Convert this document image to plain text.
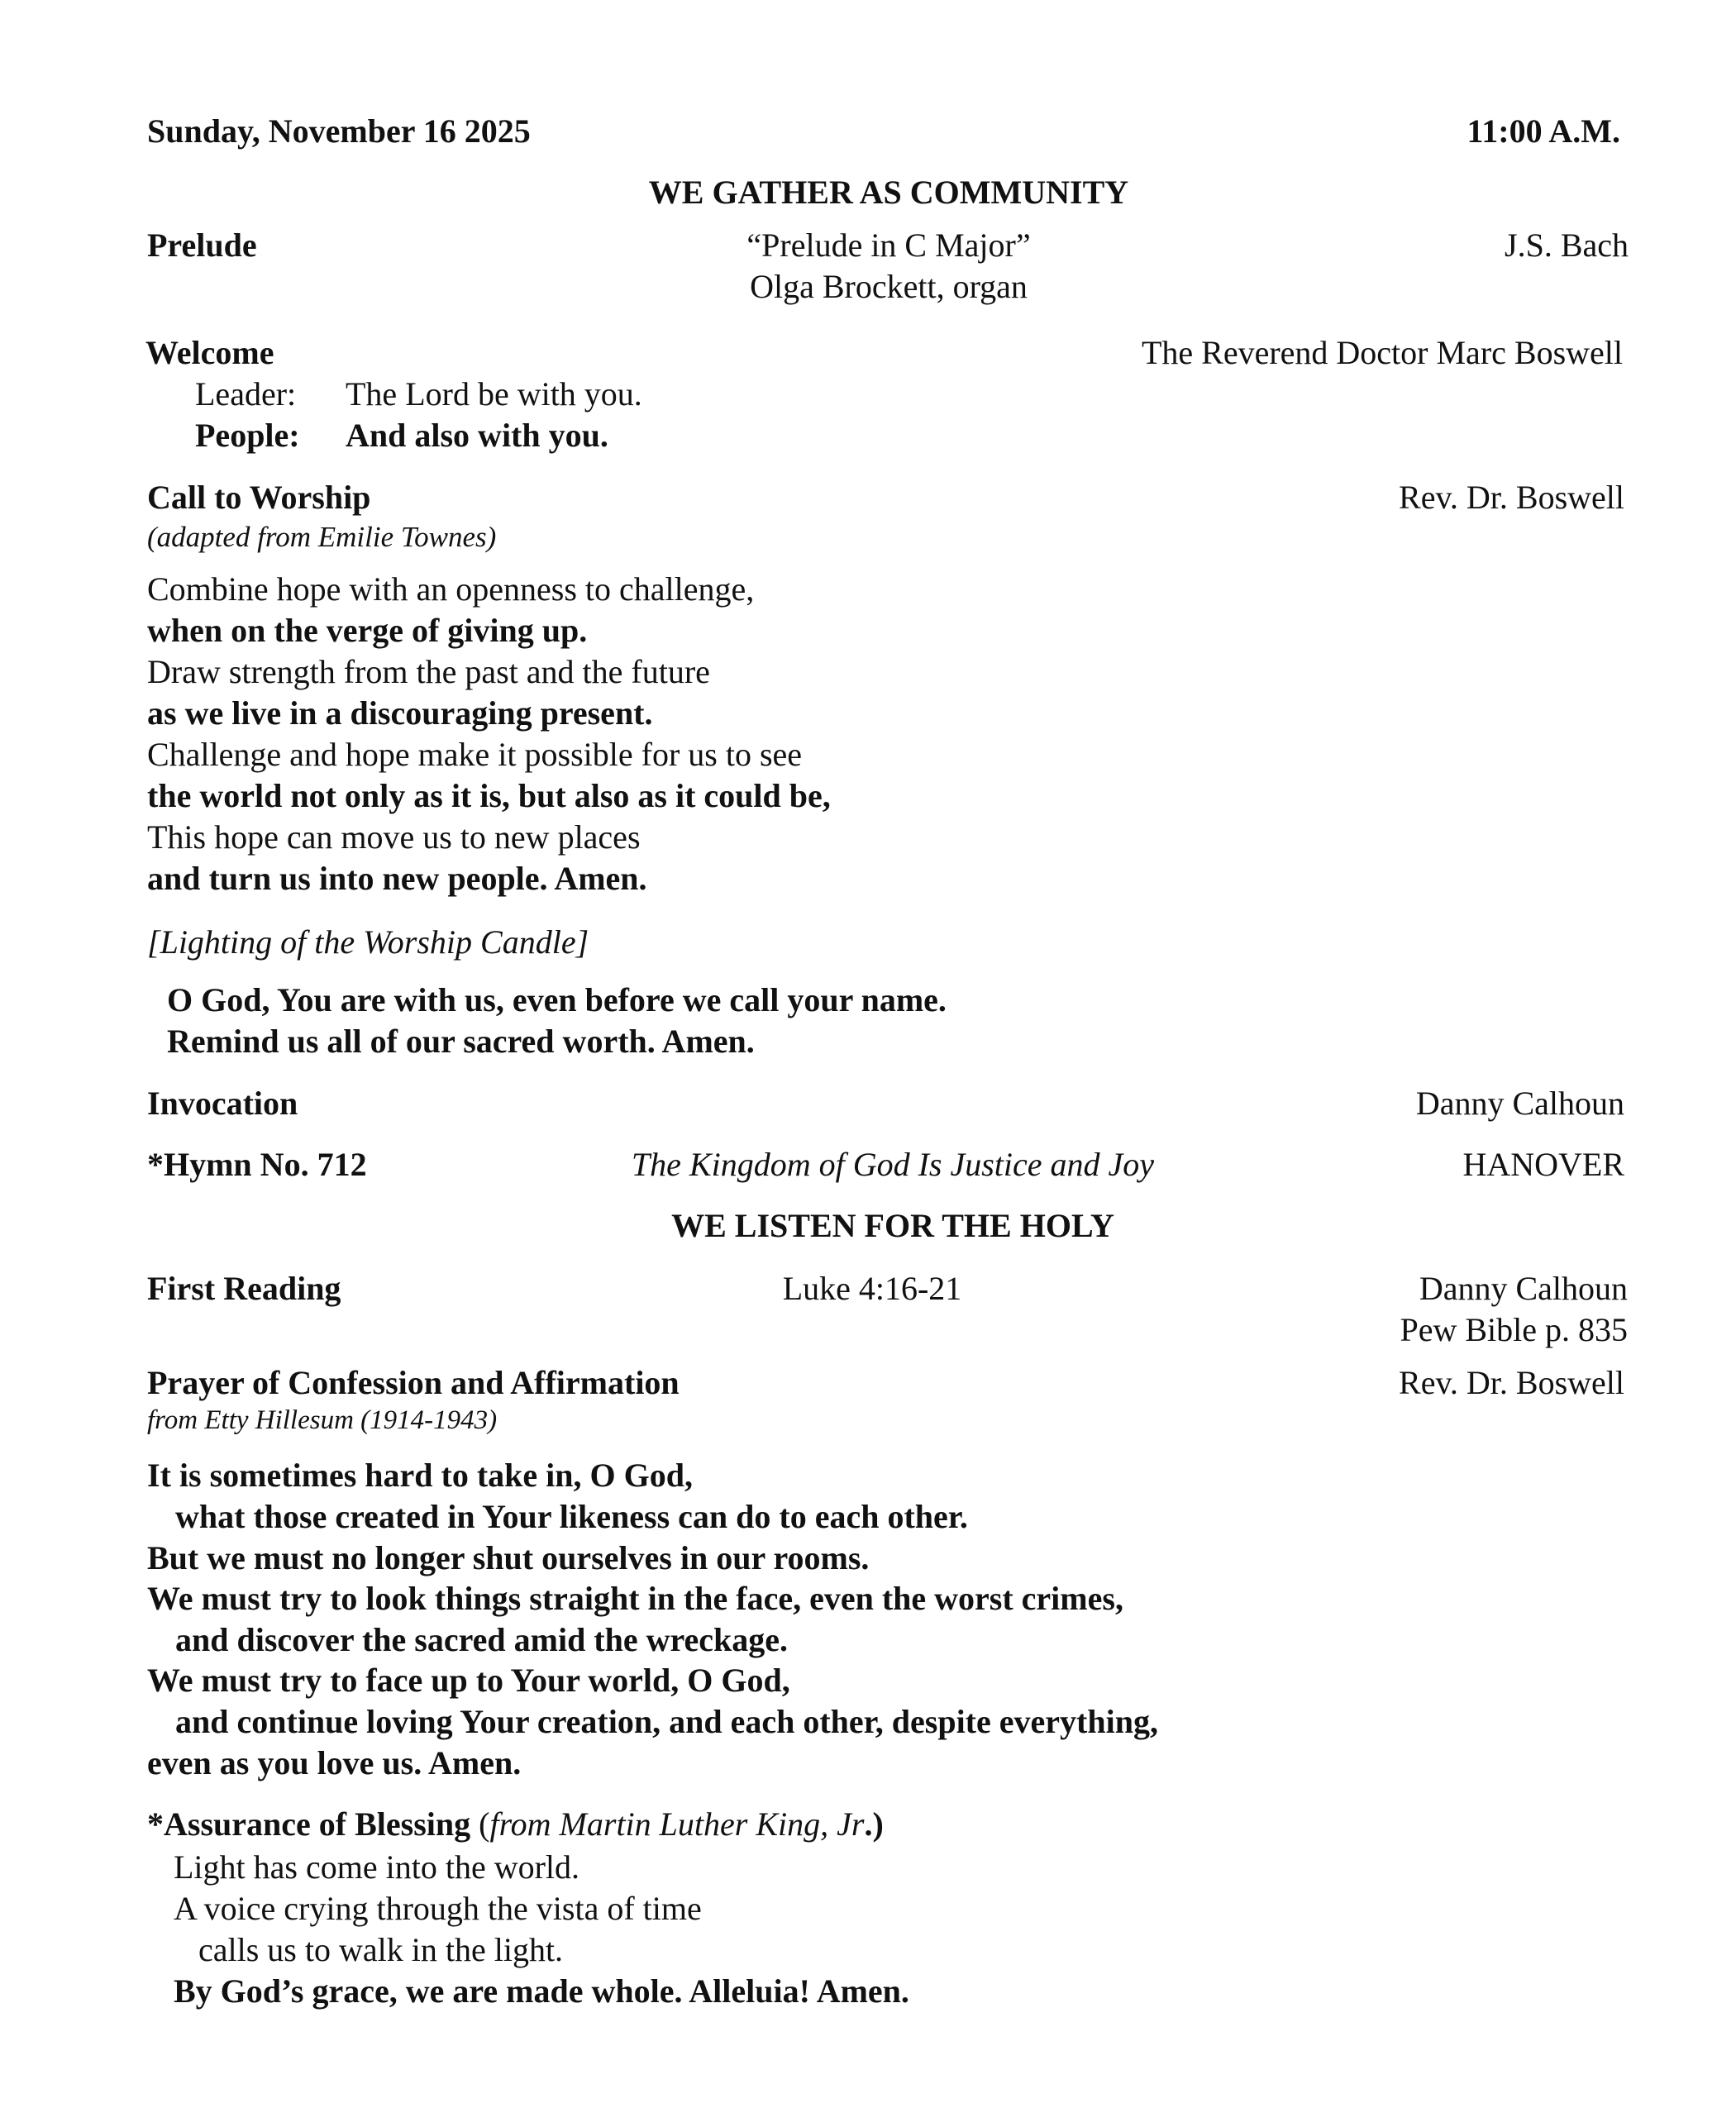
Sunday, November 16 2025	11:00 A.M.
WE GATHER AS COMMUNITY
Prelude	“Prelude in C Major”	J.S. Bach
Olga Brockett, organ
Welcome	The Reverend Doctor Marc Boswell
Leader: The Lord be with you.
People: And also with you.
Call to Worship	Rev. Dr. Boswell
(adapted from Emilie Townes)
Combine hope with an openness to challenge,
when on the verge of giving up.
Draw strength from the past and the future
as we live in a discouraging present.
Challenge and hope make it possible for us to see
the world not only as it is, but also as it could be,
This hope can move us to new places
and turn us into new people. Amen.
[Lighting of the Worship Candle]
O God, You are with us, even before we call your name.
Remind us all of our sacred worth. Amen.
Invocation	Danny Calhoun
*Hymn No. 712	The Kingdom of God Is Justice and Joy	HANOVER
WE LISTEN FOR THE HOLY
First Reading	Luke 4:16-21	Danny Calhoun
Pew Bible p. 835
Prayer of Confession and Affirmation	Rev. Dr. Boswell
from Etty Hillesum (1914-1943)
It is sometimes hard to take in, O God,
what those created in Your likeness can do to each other.
But we must no longer shut ourselves in our rooms.
We must try to look things straight in the face, even the worst crimes,
and discover the sacred amid the wreckage.
We must try to face up to Your world, O God,
and continue loving Your creation, and each other, despite everything,
even as you love us. Amen.
*Assurance of Blessing (from Martin Luther King, Jr.)
Light has come into the world.
A voice crying through the vista of time
calls us to walk in the light.
By God’s grace, we are made whole. Alleluia! Amen.
